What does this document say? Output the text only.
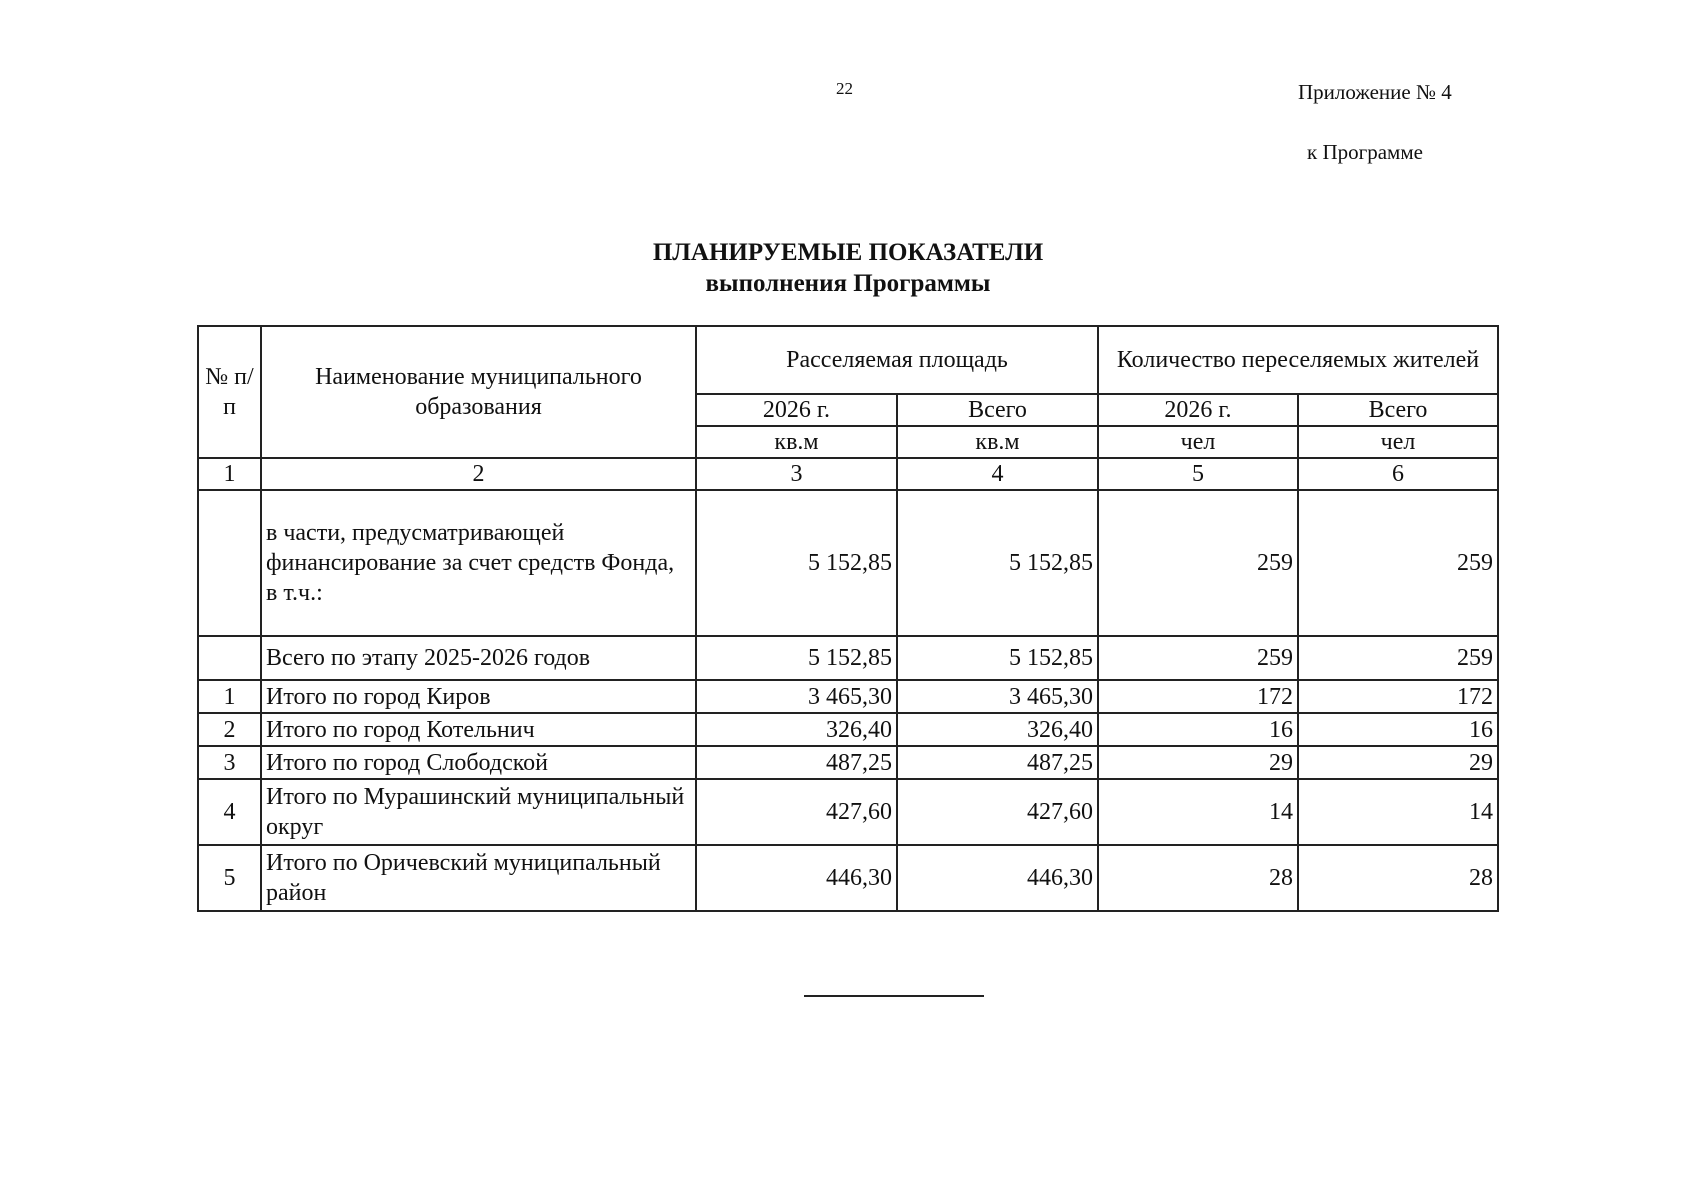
22	Приложение № 4
к Программе
ПЛАНИРУЕМЫЕ ПОКАЗАТЕЛИ
выполнения Программы
№ п/п	Наименование муниципального образования	Расселяемая площадь		Количество переселяемых жителей	
		2026 г.	Всего	2026 г.	Всего
		кв.м	кв.м	чел	чел
1	2	3	4	5	6
	в части, предусматривающей финансирование за счет средств Фонда, в т.ч.:	5 152,85	5 152,85	259	259
	Всего по этапу 2025-2026 годов	5 152,85	5 152,85	259	259
1	Итого по город Киров	3 465,30	3 465,30	172	172
2	Итого по город Котельнич	326,40	326,40	16	16
3	Итого по город Слободской	487,25	487,25	29	29
4	Итого по Мурашинский муниципальный округ	427,60	427,60	14	14
5	Итого по Оричевский муниципальный район	446,30	446,30	28	28
